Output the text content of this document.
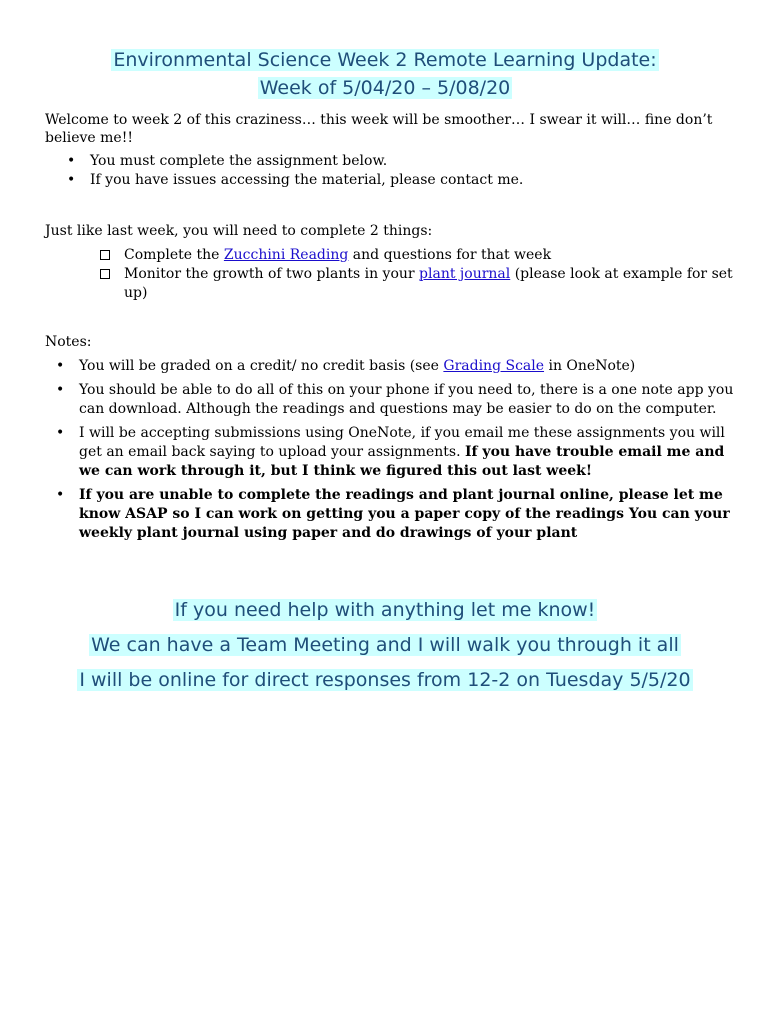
Environmental Science Week 2 Remote Learning Update:
Week of 5/04/20 – 5/08/20
Welcome to week 2 of this craziness… this week will be smoother… I swear it will… fine don’t believe me!!
• You must complete the assignment below.
• If you have issues accessing the material, please contact me.
Just like last week, you will need to complete 2 things:
Complete the Zucchini Reading and questions for that week
Monitor the growth of two plants in your plant journal (please look at example for set up)
Notes:
• You will be graded on a credit/ no credit basis (see Grading Scale in OneNote)
• You should be able to do all of this on your phone if you need to, there is a one note app you can download. Although the readings and questions may be easier to do on the computer.
• I will be accepting submissions using OneNote, if you email me these assignments you will get an email back saying to upload your assignments. If you have trouble email me and we can work through it, but I think we figured this out last week!
• If you are unable to complete the readings and plant journal online, please let me know ASAP so I can work on getting you a paper copy of the readings You can your weekly plant journal using paper and do drawings of your plant
If you need help with anything let me know!
We can have a Team Meeting and I will walk you through it all
I will be online for direct responses from 12-2 on Tuesday 5/5/20
